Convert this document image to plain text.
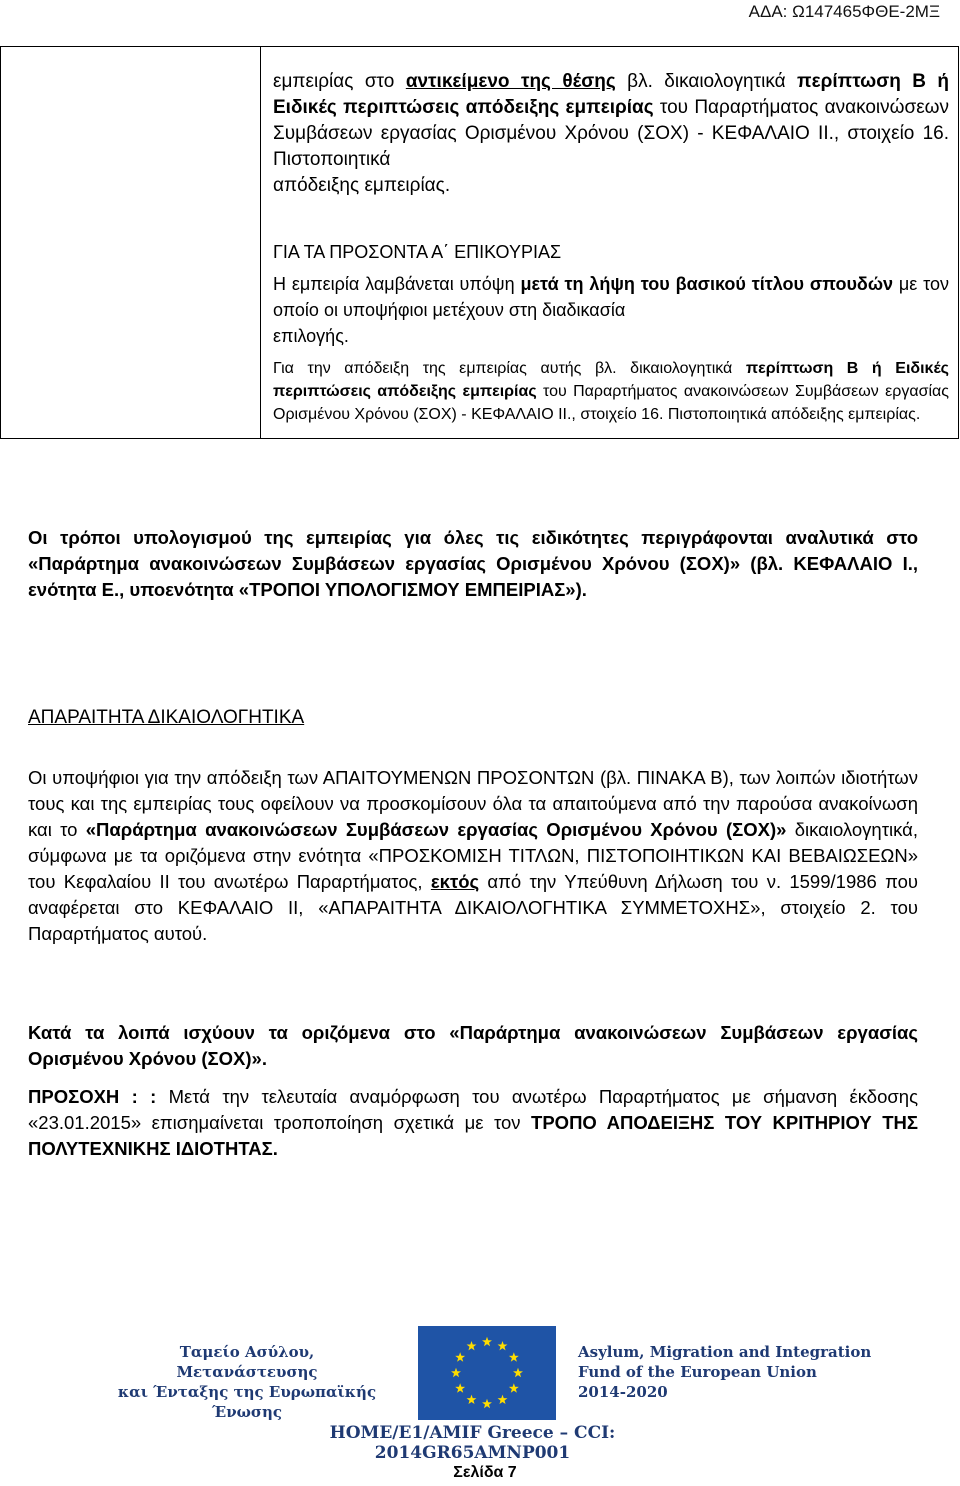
ΑΔΑ: Ω147465ΦΘΕ-2ΜΞ

εμπειρίας στο αντικείμενο της θέσης βλ. δικαιολογητικά περίπτωση Β ή Ειδικές περιπτώσεις απόδειξης εμπειρίας του Παραρτήματος ανακοινώσεων Συμβάσεων εργασίας Ορισμένου Χρόνου (ΣΟΧ) - ΚΕΦΑΛΑΙΟ ΙΙ., στοιχείο 16. Πιστοποιητικά
απόδειξης εμπειρίας.

ΓΙΑ ΤΑ ΠΡΟΣΟΝΤΑ Α΄ ΕΠΙΚΟΥΡΙΑΣ

Η εμπειρία λαμβάνεται υπόψη μετά τη λήψη του βασικού τίτλου σπουδών με τον οποίο οι υποψήφιοι μετέχουν στη διαδικασία
επιλογής.

Για την απόδειξη της εμπειρίας αυτής βλ. δικαιολογητικά περίπτωση Β ή Ειδικές περιπτώσεις απόδειξης εμπειρίας του Παραρτήματος ανακοινώσεων Συμβάσεων εργασίας Ορισμένου Χρόνου (ΣΟΧ) - ΚΕΦΑΛΑΙΟ ΙΙ., στοιχείο 16. Πιστοποιητικά απόδειξης εμπειρίας.

Οι τρόποι υπολογισμού της εμπειρίας για όλες τις ειδικότητες περιγράφονται αναλυτικά στο «Παράρτημα ανακοινώσεων Συμβάσεων εργασίας Ορισμένου Χρόνου (ΣΟΧ)» (βλ. ΚΕΦΑΛΑΙΟ Ι., ενότητα Ε., υποενότητα «ΤΡΟΠΟΙ ΥΠΟΛΟΓΙΣΜΟΥ ΕΜΠΕΙΡΙΑΣ»).

ΑΠΑΡΑΙΤΗΤΑ ΔΙΚΑΙΟΛΟΓΗΤΙΚΑ

Οι υποψήφιοι για την απόδειξη των ΑΠΑΙΤΟΥΜΕΝΩΝ ΠΡΟΣΟΝΤΩΝ (βλ. ΠΙΝΑΚΑ Β), των λοιπών ιδιοτήτων τους και της εμπειρίας τους οφείλουν να προσκομίσουν όλα τα απαιτούμενα από την παρούσα ανακοίνωση και το «Παράρτημα ανακοινώσεων Συμβάσεων εργασίας Ορισμένου Χρόνου (ΣΟΧ)» δικαιολογητικά, σύμφωνα με τα οριζόμενα στην ενότητα «ΠΡΟΣΚΟΜΙΣΗ ΤΙΤΛΩΝ, ΠΙΣΤΟΠΟΙΗΤΙΚΩΝ ΚΑΙ ΒΕΒΑΙΩΣΕΩΝ» του Κεφαλαίου ΙΙ του ανωτέρω Παραρτήματος, εκτός από την Υπεύθυνη Δήλωση του ν. 1599/1986 που αναφέρεται στο ΚΕΦΑΛΑΙΟ ΙΙ, «ΑΠΑΡΑΙΤΗΤΑ ΔΙΚΑΙΟΛΟΓΗΤΙΚΑ ΣΥΜΜΕΤΟΧΗΣ», στοιχείο 2. του Παραρτήματος αυτού.

Κατά τα λοιπά ισχύουν τα οριζόμενα στο «Παράρτημα ανακοινώσεων Συμβάσεων εργασίας Ορισμένου Χρόνου (ΣΟΧ)».

ΠΡΟΣΟΧΗ : : Μετά την τελευταία αναμόρφωση του ανωτέρω Παραρτήματος με σήμανση έκδοσης «23.01.2015» επισημαίνεται τροποποίηση σχετικά με τον ΤΡΟΠΟ ΑΠΟΔΕΙΞΗΣ ΤΟΥ ΚΡΙΤΗΡΙΟΥ ΤΗΣ ΠΟΛΥΤΕΧΝΙΚΗΣ ΙΔΙΟΤΗΤΑΣ.

Ταμείο Ασύλου, Μετανάστευσης
και Ένταξης της Ευρωπαϊκής
Ένωσης
Asylum, Migration and Integration
Fund of the European Union
2014-2020
HOME/E1/AMIF Greece – CCI: 2014GR65AMNP001
Σελίδα 7
